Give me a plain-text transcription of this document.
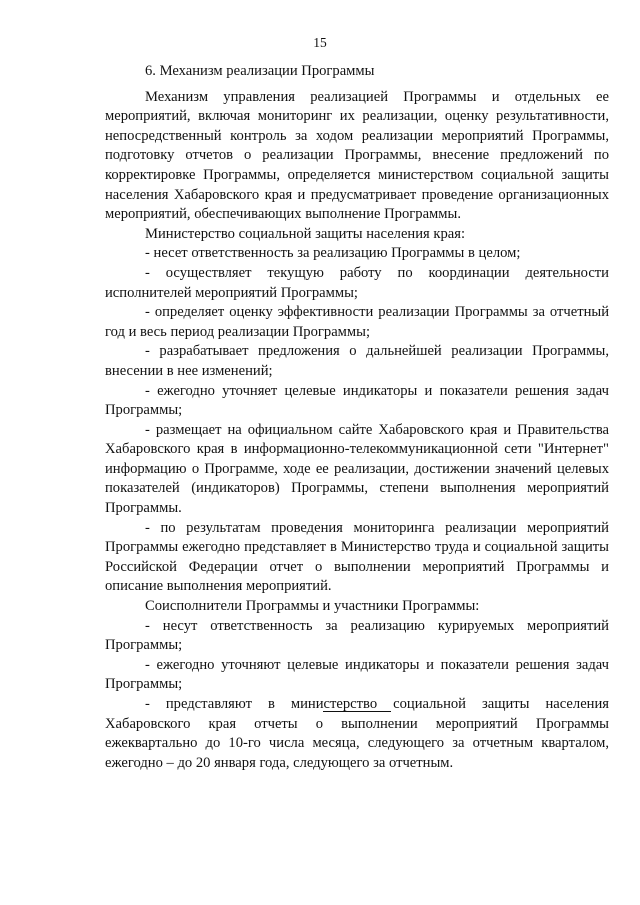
15
6. Механизм реализации Программы

Механизм управления реализацией Программы и отдельных ее мероприятий, включая мониторинг их реализации, оценку результативности, непосредственный контроль за ходом реализации мероприятий Программы, подготовку отчетов о реализации Программы, внесение предложений по корректировке Программы, определяется министерством социальной защиты населения Хабаровского края и предусматривает проведение организационных мероприятий, обеспечивающих выполнение Программы.

Министерство социальной защиты населения края:

- несет ответственность за реализацию Программы в целом;

- осуществляет текущую работу по координации деятельности исполнителей мероприятий Программы;

- определяет оценку эффективности реализации Программы за отчетный год и весь период реализации Программы;

- разрабатывает предложения о дальнейшей реализации Программы, внесении в нее изменений;

- ежегодно уточняет целевые индикаторы и показатели решения задач Программы;

- размещает на официальном сайте Хабаровского края и Правительства Хабаровского края в информационно-телекоммуникационной сети "Интернет" информацию о Программе, ходе ее реализации, достижении значений целевых показателей (индикаторов) Программы, степени выполнения мероприятий Программы.

- по результатам проведения мониторинга реализации мероприятий Программы ежегодно представляет в Министерство труда и социальной защиты Российской Федерации отчет о выполнении мероприятий Программы и описание выполнения мероприятий.

Соисполнители Программы и участники Программы:

- несут ответственность за реализацию курируемых мероприятий Программы;

- ежегодно уточняют целевые индикаторы и показатели решения задач Программы;

- представляют в министерство социальной защиты населения Хабаровского края отчеты о выполнении мероприятий Программы ежеквартально до 10-го числа месяца, следующего за отчетным кварталом, ежегодно – до 20 января года, следующего за отчетным.
